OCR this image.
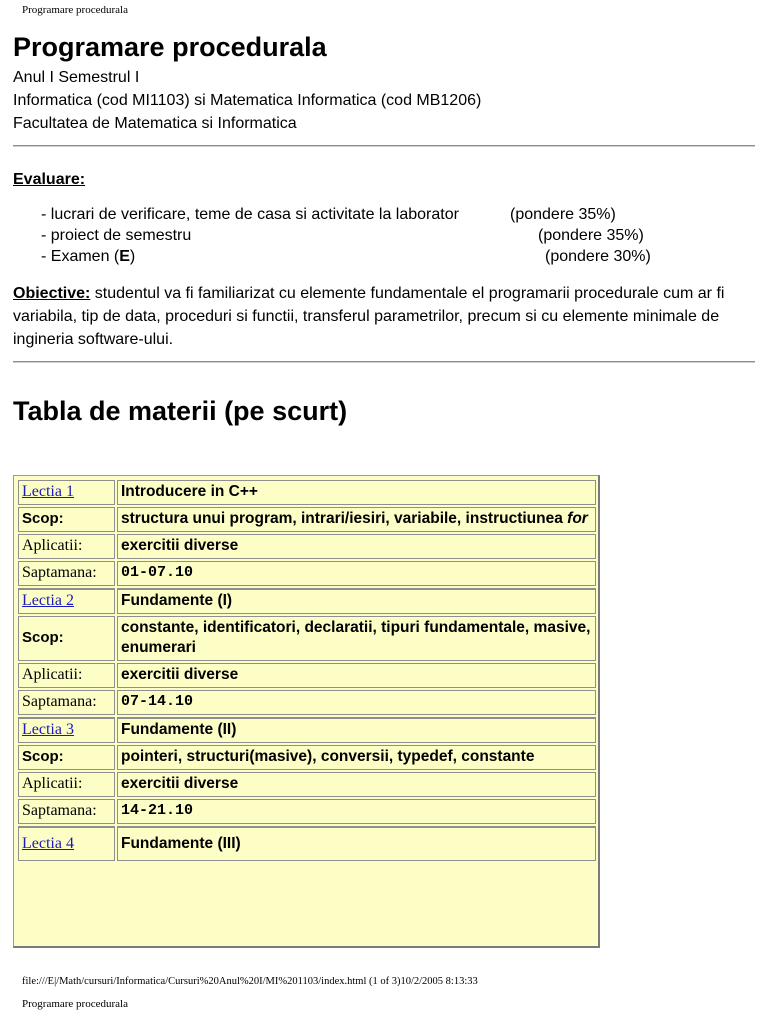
Programare procedurala
Programare procedurala
Anul I Semestrul I
Informatica (cod MI1103) si Matematica Informatica (cod MB1206)
Facultatea de Matematica si Informatica
Evaluare:
- lucrari de verificare, teme de casa si activitate la laborator	(pondere 35%)
- proiect de semestru	(pondere 35%)
- Examen (E)	(pondere 30%)
Obiective: studentul va fi familiarizat cu elemente fundamentale el programarii procedurale cum ar fi variabila, tip de data, proceduri si functii, transferul parametrilor, precum si cu elemente minimale de ingineria software-ului.
Tabla de materii (pe scurt)
Lectia 1	Introducere in C++
Scop:	structura unui program, intrari/iesiri, variabile, instructiunea for
Aplicatii:	exercitii diverse
Saptamana:	01-07.10
Lectia 2	Fundamente (I)
Scop:	constante, identificatori, declaratii, tipuri fundamentale, masive, enumerari
Aplicatii:	exercitii diverse
Saptamana:	07-14.10
Lectia 3	Fundamente (II)
Scop:	pointeri, structuri(masive), conversii, typedef, constante
Aplicatii:	exercitii diverse
Saptamana:	14-21.10
Lectia 4	Fundamente (III)
file:///E|/Math/cursuri/Informatica/Cursuri%20Anul%20I/MI%201103/index.html (1 of 3)10/2/2005 8:13:33
Programare procedurala
